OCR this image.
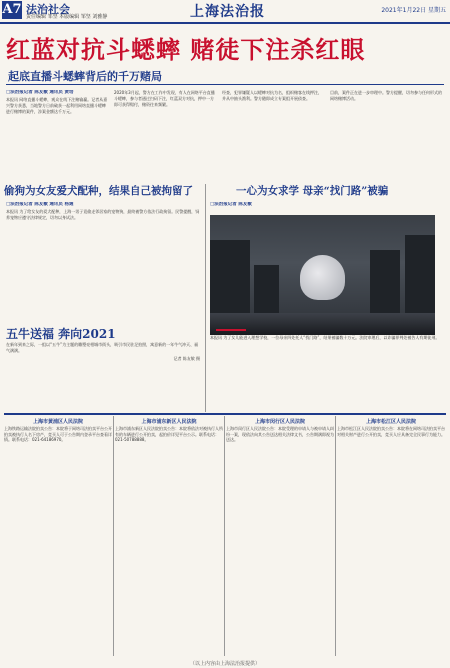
A7 法治社会
责任编辑 邹坚 本版编辑 邹坚 刘雅静	上海法治报	2021年1月22日 星期五
红蓝对抗斗蟋蟀 赌徒下注杀红眼
起底直播斗蟋蟀背后的千万赌局
□法治报记者 陈友敏 通讯员 黄培
本报讯 网络直播斗蟋蟀，观众在线下注赌输赢。记者从嘉兴警方获悉，当地警方日前破获一起利用网络直播斗蟋蟀进行赌博的案件，涉案金额达千万元。
2020年3月起，警方在工作中发现，有人在网络平台直播斗蟋蟀，参与者通过扫码下注，红蓝双方对抗，押中一方即可获得赔付，赌资往来频繁。
经查，犯罪嫌疑人以蟋蟀对抗为名，组织赌客在线押注，并从中抽头渔利。警方随即成立专案组开展侦查。
目前，案件正在进一步审理中。警方提醒，切勿参与任何形式的网络赌博活动。
偷狗为女友爱犬配种，结果自己被拘留了
□法治报记者 陈友敏 通讯员 杨通
本报讯 为了给女友的爱犬配种，上海一男子竟偷走邻居家的宠物狗，最终被警方依法行政拘留。民警提醒，饲养宠物应遵守法律规定，切勿以身试法。
一心为女求学 母亲“找门路”被骗
□法治报记者 陈友敏
本报讯 为了女儿能进入理想学校，一位母亲四处托人“找门路”，结果被骗数十万元。法院审理后，以诈骗罪判处被告人有期徒刑。
五牛送福 奔向2021
在新年到来之际，一组以“五牛”为主题的雕塑亮相城市街头，吸引市民驻足拍照，寓意新的一年牛气冲天、福气满满。
记者 陈友敏 摄
上海市黄浦区人民法院
上海铁路运输法院拍卖公告：本院将于网络司法拍卖平台公开拍卖被执行人名下房产，竞买人可于公告期内登录平台查看详情。联系电话：021-64186970。
上海市浦东新区人民法院
上海市浦东新区人民法院拍卖公告：本院将依法对被执行人所有的车辆进行公开拍卖，起拍价详见平台公示。联系电话：021-50788888。
上海市闵行区人民法院
上海市闵行区人民法院公告：本院受理的申请人与被申请人纠纷一案，现依法向其公告送达相关法律文书，公告期满即视为送达。
上海市松江区人民法院
上海市松江区人民法院拍卖公告：本院将在网络司法拍卖平台对相关财产进行公开拍卖，竞买人应具备完全民事行为能力。
（以上内容由上海法治报提供）
